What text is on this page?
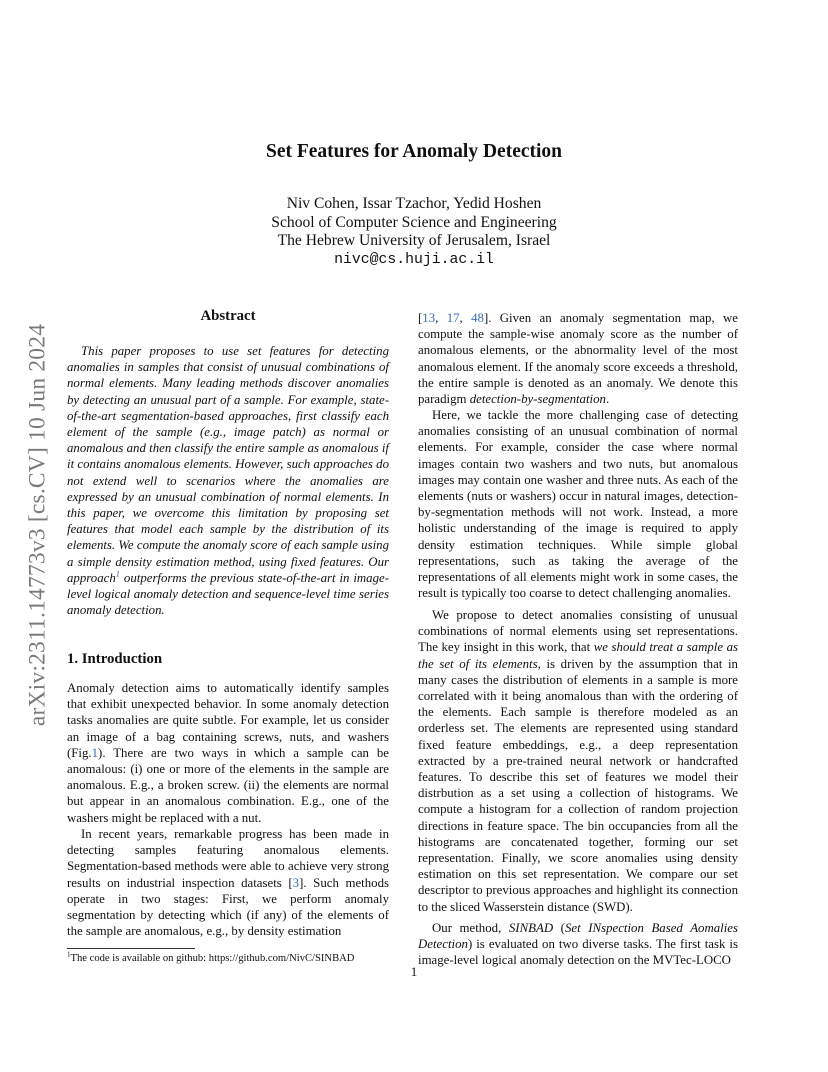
arXiv:2311.14773v3 [cs.CV] 10 Jun 2024
Set Features for Anomaly Detection
Niv Cohen, Issar Tzachor, Yedid Hoshen
School of Computer Science and Engineering
The Hebrew University of Jerusalem, Israel
nivc@cs.huji.ac.il
Abstract

This paper proposes to use set features for detecting anomalies in samples that consist of unusual combinations of normal elements. Many leading methods discover anomalies by detecting an unusual part of a sample. For example, state-of-the-art segmentation-based approaches, first classify each element of the sample (e.g., image patch) as normal or anomalous and then classify the entire sample as anomalous if it contains anomalous elements. However, such approaches do not extend well to scenarios where the anomalies are expressed by an unusual combination of normal elements. In this paper, we overcome this limitation by proposing set features that model each sample by the distribution of its elements. We compute the anomaly score of each sample using a simple density estimation method, using fixed features. Our approach$^1$ outperforms the previous state-of-the-art in image-level logical anomaly detection and sequence-level time series anomaly detection.

1. Introduction

Anomaly detection aims to automatically identify samples that exhibit unexpected behavior. In some anomaly detection tasks anomalies are quite subtle. For example, let us consider an image of a bag containing screws, nuts, and washers (Fig.1). There are two ways in which a sample can be anomalous: (i) one or more of the elements in the sample are anomalous. E.g., a broken screw. (ii) the elements are normal but appear in an anomalous combination. E.g., one of the washers might be replaced with a nut.

In recent years, remarkable progress has been made in detecting samples featuring anomalous elements. Segmentation-based methods were able to achieve very strong results on industrial inspection datasets [3]. Such methods operate in two stages: First, we perform anomaly segmentation by detecting which (if any) of the elements of the sample are anomalous, e.g., by density estimation

$^1$The code is available on github: https://github.com/NivC/SINBAD

[13, 17, 48]. Given an anomaly segmentation map, we compute the sample-wise anomaly score as the number of anomalous elements, or the abnormality level of the most anomalous element. If the anomaly score exceeds a threshold, the entire sample is denoted as an anomaly. We denote this paradigm detection-by-segmentation.

Here, we tackle the more challenging case of detecting anomalies consisting of an unusual combination of normal elements. For example, consider the case where normal images contain two washers and two nuts, but anomalous images may contain one washer and three nuts. As each of the elements (nuts or washers) occur in natural images, detection-by-segmentation methods will not work. Instead, a more holistic understanding of the image is required to apply density estimation techniques. While simple global representations, such as taking the average of the representations of all elements might work in some cases, the result is typically too coarse to detect challenging anomalies.

We propose to detect anomalies consisting of unusual combinations of normal elements using set representations. The key insight in this work, that we should treat a sample as the set of its elements, is driven by the assumption that in many cases the distribution of elements in a sample is more correlated with it being anomalous than with the ordering of the elements. Each sample is therefore modeled as an orderless set. The elements are represented using standard fixed feature embeddings, e.g., a deep representation extracted by a pre-trained neural network or handcrafted features. To describe this set of features we model their distrbution as a set using a collection of histograms. We compute a histogram for a collection of random projection directions in feature space. The bin occupancies from all the histograms are concatenated together, forming our set representation. Finally, we score anomalies using density estimation on this set representation. We compare our set descriptor to previous approaches and highlight its connection to the sliced Wasserstein distance (SWD).

Our method, SINBAD (Set INspection Based Aomalies Detection) is evaluated on two diverse tasks. The first task is image-level logical anomaly detection on the MVTec-LOCO

1
